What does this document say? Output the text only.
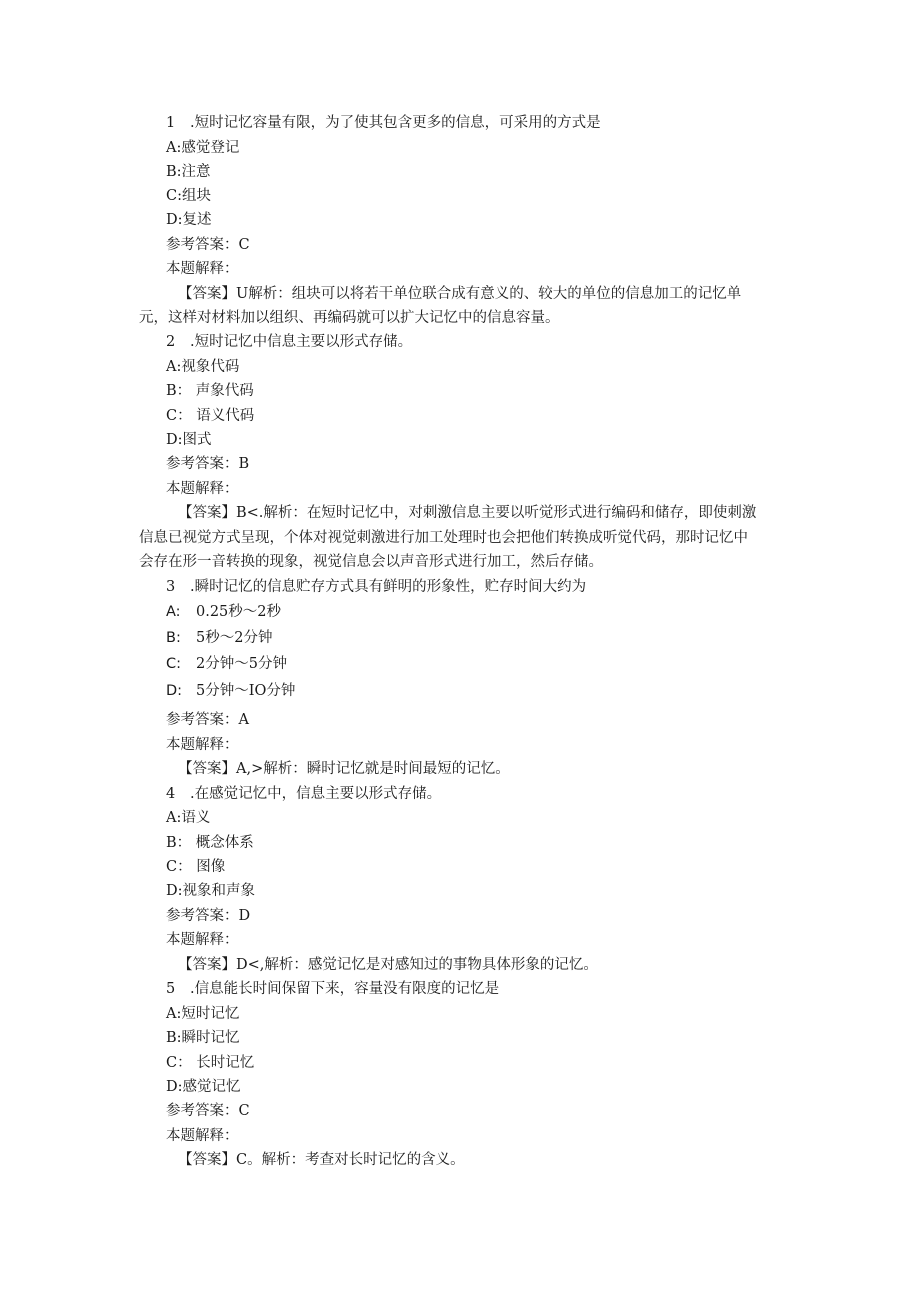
1 .短时记忆容量有限，为了使其包含更多的信息，可采用的方式是
A:感觉登记
B:注意
C:组块
D:复述
参考答案：C
本题解释：
【答案】U解析：组块可以将若干单位联合成有意义的、较大的单位的信息加工的记忆单
元，这样对材料加以组织、再编码就可以扩大记忆中的信息容量。
2 .短时记忆中信息主要以形式存储。
A:视象代码
B： 声象代码
C： 语义代码
D:图式
参考答案：B
本题解释：
【答案】B<.解析：在短时记忆中，对刺激信息主要以听觉形式进行编码和储存，即使刺激
信息已视觉方式呈现，个体对视觉刺激进行加工处理时也会把他们转换成听觉代码，那时记忆中
会存在形一音转换的现象，视觉信息会以声音形式进行加工，然后存储。
3 .瞬时记忆的信息贮存方式具有鲜明的形象性，贮存时间大约为
A: 0.25秒～2秒
B: 5秒～2分钟
C: 2分钟～5分钟
D: 5分钟～IO分钟
参考答案：A
本题解释：
【答案】A,>解析：瞬时记忆就是时间最短的记忆。
4 .在感觉记忆中，信息主要以形式存储。
A:语义
B： 概念体系
C： 图像
D:视象和声象
参考答案：D
本题解释：
【答案】D<,解析：感觉记忆是对感知过的事物具体形象的记忆。
5 .信息能长时间保留下来，容量没有限度的记忆是
A:短时记忆
B:瞬时记忆
C： 长时记忆
D:感觉记忆
参考答案：C
本题解释：
【答案】C。解析：考查对长时记忆的含义。
